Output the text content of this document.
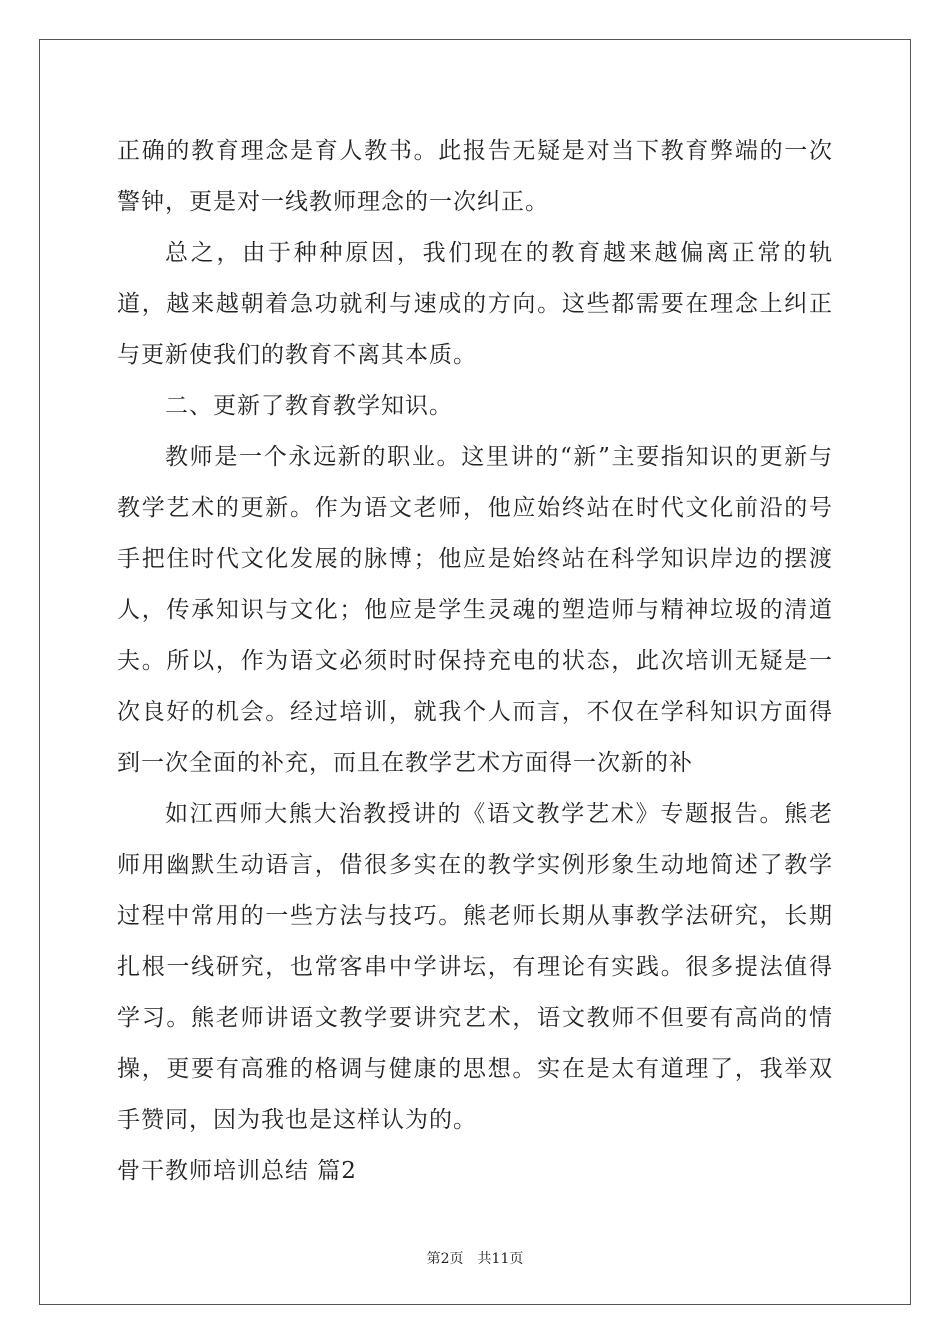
正确的教育理念是育人教书。此报告无疑是对当下教育弊端的一次警钟，更是对一线教师理念的一次纠正。

总之，由于种种原因，我们现在的教育越来越偏离正常的轨道，越来越朝着急功就利与速成的方向。这些都需要在理念上纠正与更新使我们的教育不离其本质。

二、更新了教育教学知识。

教师是一个永远新的职业。这里讲的“新”主要指知识的更新与教学艺术的更新。作为语文老师，他应始终站在时代文化前沿的号手把住时代文化发展的脉博；他应是始终站在科学知识岸边的摆渡人，传承知识与文化；他应是学生灵魂的塑造师与精神垃圾的清道夫。所以，作为语文必须时时保持充电的状态，此次培训无疑是一次良好的机会。经过培训，就我个人而言，不仅在学科知识方面得到一次全面的补充，而且在教学艺术方面得一次新的补

如江西师大熊大治教授讲的《语文教学艺术》专题报告。熊老师用幽默生动语言，借很多实在的教学实例形象生动地简述了教学过程中常用的一些方法与技巧。熊老师长期从事教学法研究，长期扎根一线研究，也常客串中学讲坛，有理论有实践。很多提法值得学习。熊老师讲语文教学要讲究艺术，语文教师不但要有高尚的情操，更要有高雅的格调与健康的思想。实在是太有道理了，我举双手赞同，因为我也是这样认为的。

骨干教师培训总结 篇2

第2页 共11页
